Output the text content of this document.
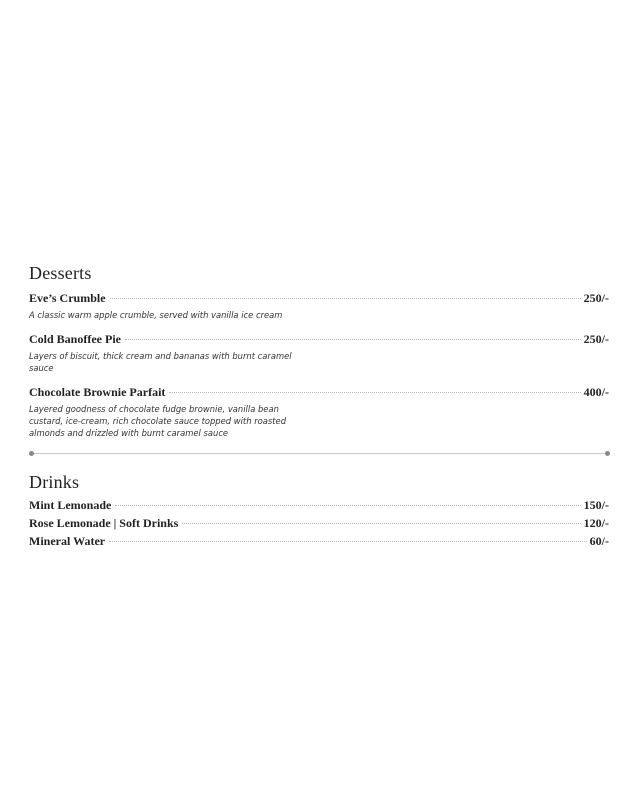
Desserts
Eve’s Crumble	250/-
A classic warm apple crumble, served with vanilla ice cream
Cold Banoffee Pie	250/-
Layers of biscuit, thick cream and bananas with burnt caramel sauce
Chocolate Brownie Parfait	400/-
Layered goodness of chocolate fudge brownie, vanilla bean custard, ice-cream, rich chocolate sauce topped with roasted almonds and drizzled with burnt caramel sauce
Drinks
Mint Lemonade	150/-
Rose Lemonade | Soft Drinks	120/-
Mineral Water	60/-
